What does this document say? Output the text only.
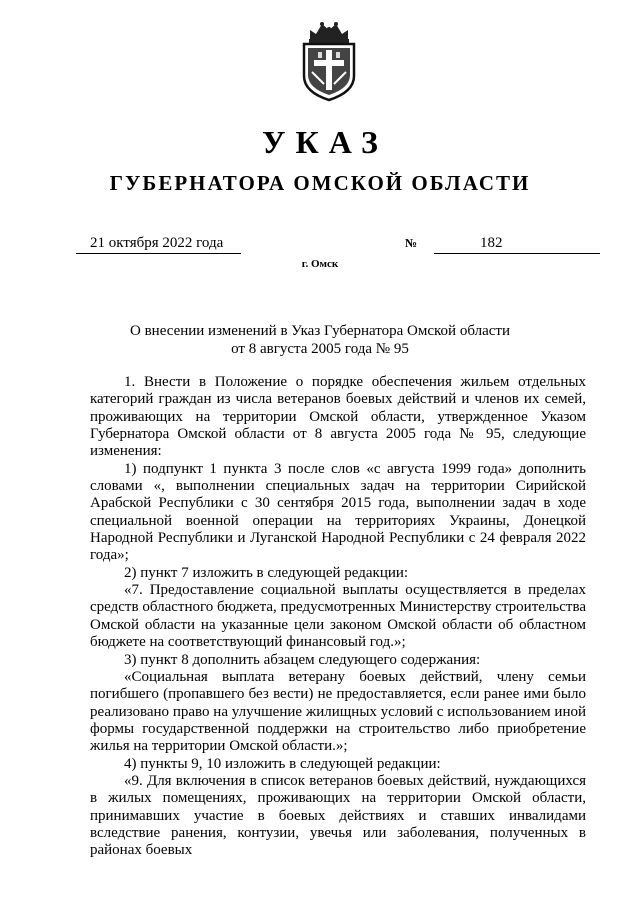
УКАЗ
ГУБЕРНАТОРА ОМСКОЙ ОБЛАСТИ
21 октября 2022 года	№	182
г. Омск
О внесении изменений в Указ Губернатора Омской области
от 8 августа 2005 года № 95

1. Внести в Положение о порядке обеспечения жильем отдельных категорий граждан из числа ветеранов боевых действий и членов их семей, проживающих на территории Омской области, утвержденное Указом Губернатора Омской области от 8 августа 2005 года № 95, следующие изменения:

1) подпункт 1 пункта 3 после слов «с августа 1999 года» дополнить словами «, выполнении специальных задач на территории Сирийской Арабской Республики с 30 сентября 2015 года, выполнении задач в ходе специальной военной операции на территориях Украины, Донецкой Народной Республики и Луганской Народной Республики с 24 февраля 2022 года»;

2) пункт 7 изложить в следующей редакции:

«7. Предоставление социальной выплаты осуществляется в пределах средств областного бюджета, предусмотренных Министерству строительства Омской области на указанные цели законом Омской области об областном бюджете на соответствующий финансовый год.»;

3) пункт 8 дополнить абзацем следующего содержания:

«Социальная выплата ветерану боевых действий, члену семьи погибшего (пропавшего без вести) не предоставляется, если ранее ими было реализовано право на улучшение жилищных условий с использованием иной формы государственной поддержки на строительство либо приобретение жилья на территории Омской области.»;

4) пункты 9, 10 изложить в следующей редакции:

«9. Для включения в список ветеранов боевых действий, нуждающихся в жилых помещениях, проживающих на территории Омской области, принимавших участие в боевых действиях и ставших инвалидами вследствие ранения, контузии, увечья или заболевания, полученных в районах боевых
